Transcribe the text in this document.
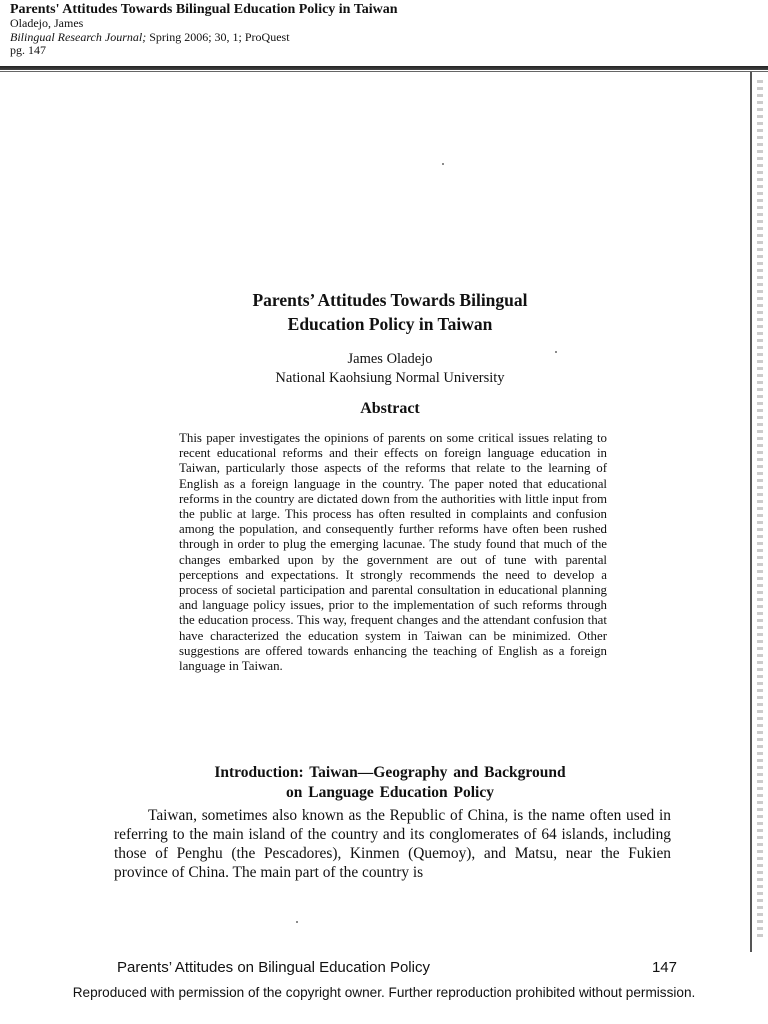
Parents' Attitudes Towards Bilingual Education Policy in Taiwan
Oladejo, James
Bilingual Research Journal; Spring 2006; 30, 1; ProQuest
pg. 147
Parents’ Attitudes Towards Bilingual
Education Policy in Taiwan
James Oladejo
National Kaohsiung Normal University
Abstract
This paper investigates the opinions of parents on some critical issues relating to recent educational reforms and their effects on foreign language education in Taiwan, particularly those aspects of the reforms that relate to the learning of English as a foreign language in the country. The paper noted that educational reforms in the country are dictated down from the authorities with little input from the public at large. This process has often resulted in complaints and confusion among the population, and consequently further reforms have often been rushed through in order to plug the emerging lacunae. The study found that much of the changes embarked upon by the government are out of tune with parental perceptions and expectations. It strongly recommends the need to develop a process of societal participation and parental consultation in educational planning and language policy issues, prior to the implementation of such reforms through the education process. This way, frequent changes and the attendant confusion that have characterized the education system in Taiwan can be minimized. Other suggestions are offered towards enhancing the teaching of English as a foreign language in Taiwan.
Introduction: Taiwan—Geography and Background
on Language Education Policy
Taiwan, sometimes also known as the Republic of China, is the name often used in referring to the main island of the country and its conglomerates of 64 islands, including those of Penghu (the Pescadores), Kinmen (Quemoy), and Matsu, near the Fukien province of China. The main part of the country is
Parents’ Attitudes on Bilingual Education Policy	147
Reproduced with permission of the copyright owner. Further reproduction prohibited without permission.
